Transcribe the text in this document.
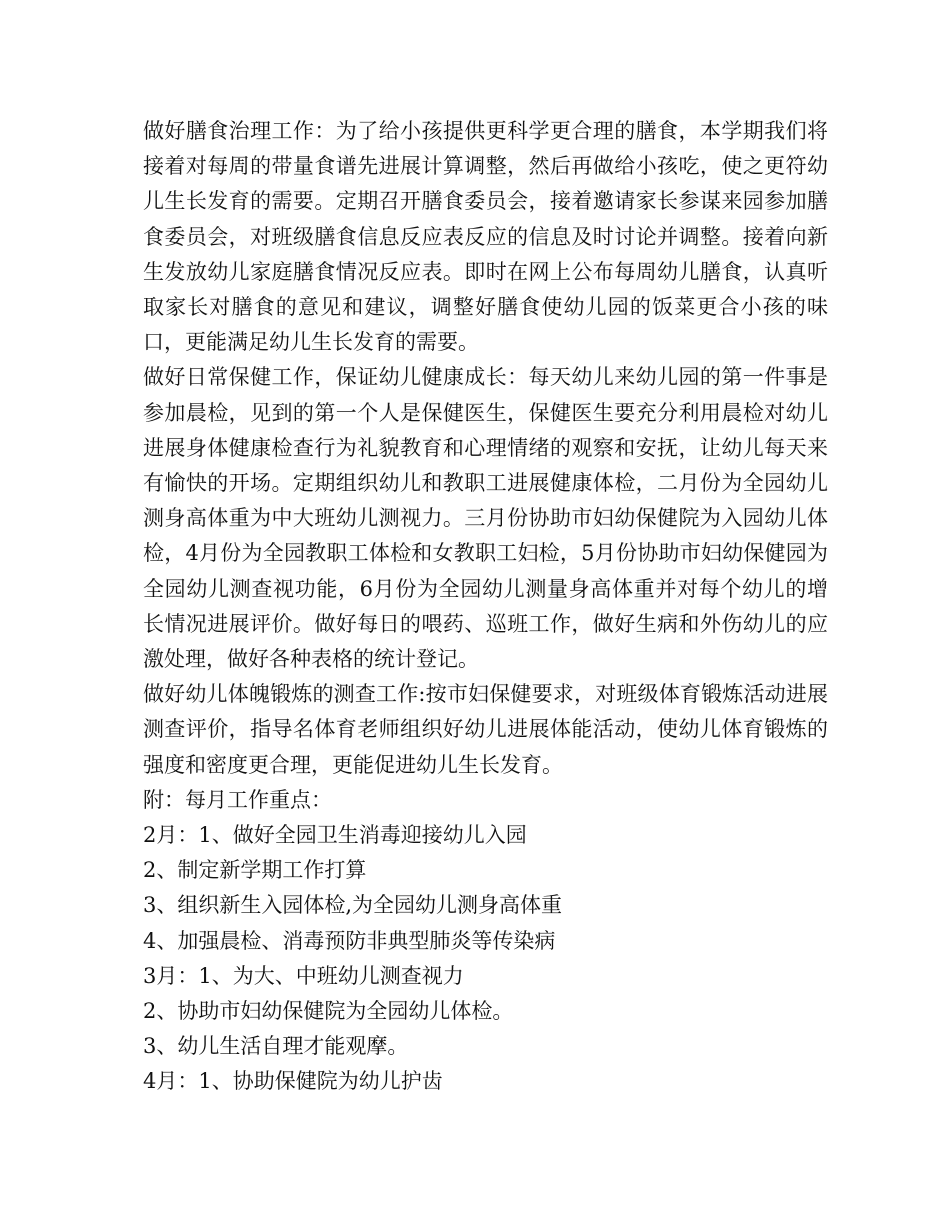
做好膳食治理工作：为了给小孩提供更科学更合理的膳食，本学期我们将接着对每周的带量食谱先进展计算调整，然后再做给小孩吃，使之更符幼儿生长发育的需要。定期召开膳食委员会，接着邀请家长参谋来园参加膳食委员会，对班级膳食信息反应表反应的信息及时讨论并调整。接着向新生发放幼儿家庭膳食情况反应表。即时在网上公布每周幼儿膳食，认真听取家长对膳食的意见和建议，调整好膳食使幼儿园的饭菜更合小孩的味口，更能满足幼儿生长发育的需要。

做好日常保健工作，保证幼儿健康成长：每天幼儿来幼儿园的第一件事是参加晨检，见到的第一个人是保健医生，保健医生要充分利用晨检对幼儿进展身体健康检查行为礼貌教育和心理情绪的观察和安抚，让幼儿每天来有愉快的开场。定期组织幼儿和教职工进展健康体检，二月份为全园幼儿测身高体重为中大班幼儿测视力。三月份协助市妇幼保健院为入园幼儿体检，4月份为全园教职工体检和女教职工妇检，5月份协助市妇幼保健园为全园幼儿测查视功能，6月份为全园幼儿测量身高体重并对每个幼儿的增长情况进展评价。做好每日的喂药、巡班工作，做好生病和外伤幼儿的应激处理，做好各种表格的统计登记。

做好幼儿体魄锻炼的测查工作:按市妇保健要求，对班级体育锻炼活动进展测查评价，指导名体育老师组织好幼儿进展体能活动，使幼儿体育锻炼的强度和密度更合理，更能促进幼儿生长发育。

附：每月工作重点：

2月：1、做好全园卫生消毒迎接幼儿入园

2、制定新学期工作打算

3、组织新生入园体检,为全园幼儿测身高体重

4、加强晨检、消毒预防非典型肺炎等传染病

3月：1、为大、中班幼儿测查视力

2、协助市妇幼保健院为全园幼儿体检。

3、幼儿生活自理才能观摩。

4月：1、协助保健院为幼儿护齿
